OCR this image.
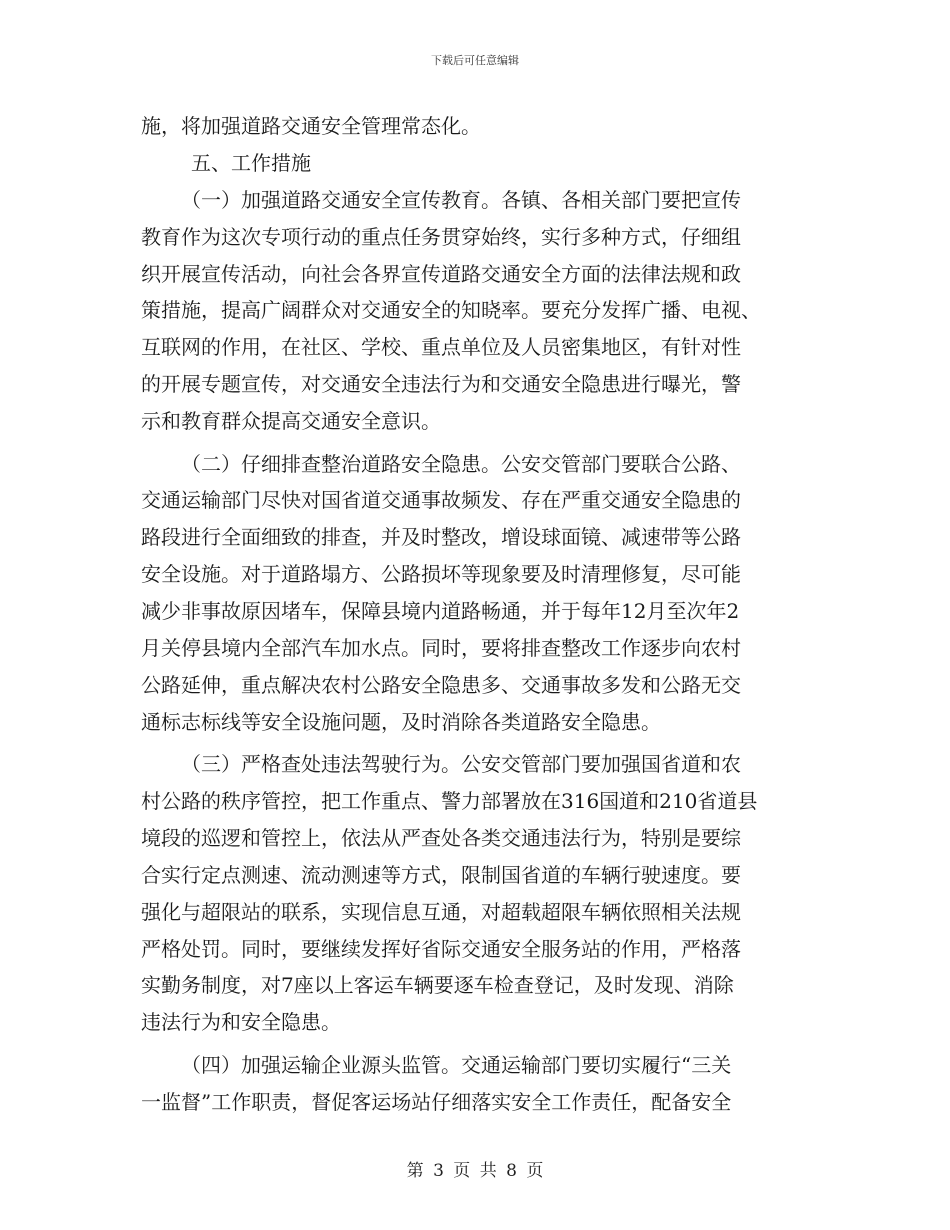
下载后可任意编辑
施，将加强道路交通安全管理常态化。
五、工作措施
（一）加强道路交通安全宣传教育。各镇、各相关部门要把宣传
教育作为这次专项行动的重点任务贯穿始终，实行多种方式，仔细组
织开展宣传活动，向社会各界宣传道路交通安全方面的法律法规和政
策措施，提高广阔群众对交通安全的知晓率。要充分发挥广播、电视、
互联网的作用，在社区、学校、重点单位及人员密集地区，有针对性
的开展专题宣传，对交通安全违法行为和交通安全隐患进行曝光，警
示和教育群众提高交通安全意识。
（二）仔细排查整治道路安全隐患。公安交管部门要联合公路、
交通运输部门尽快对国省道交通事故频发、存在严重交通安全隐患的
路段进行全面细致的排查，并及时整改，增设球面镜、减速带等公路
安全设施。对于道路塌方、公路损坏等现象要及时清理修复，尽可能
减少非事故原因堵车，保障县境内道路畅通，并于每年12月至次年2
月关停县境内全部汽车加水点。同时，要将排查整改工作逐步向农村
公路延伸，重点解决农村公路安全隐患多、交通事故多发和公路无交
通标志标线等安全设施问题，及时消除各类道路安全隐患。
（三）严格查处违法驾驶行为。公安交管部门要加强国省道和农
村公路的秩序管控，把工作重点、警力部署放在316国道和210省道县
境段的巡逻和管控上，依法从严查处各类交通违法行为，特别是要综
合实行定点测速、流动测速等方式，限制国省道的车辆行驶速度。要
强化与超限站的联系，实现信息互通，对超载超限车辆依照相关法规
严格处罚。同时，要继续发挥好省际交通安全服务站的作用，严格落
实勤务制度，对7座以上客运车辆要逐车检查登记，及时发现、消除
违法行为和安全隐患。
（四）加强运输企业源头监管。交通运输部门要切实履行“三关
一监督”工作职责，督促客运场站仔细落实安全工作责任，配备安全
第 3 页 共 8 页
